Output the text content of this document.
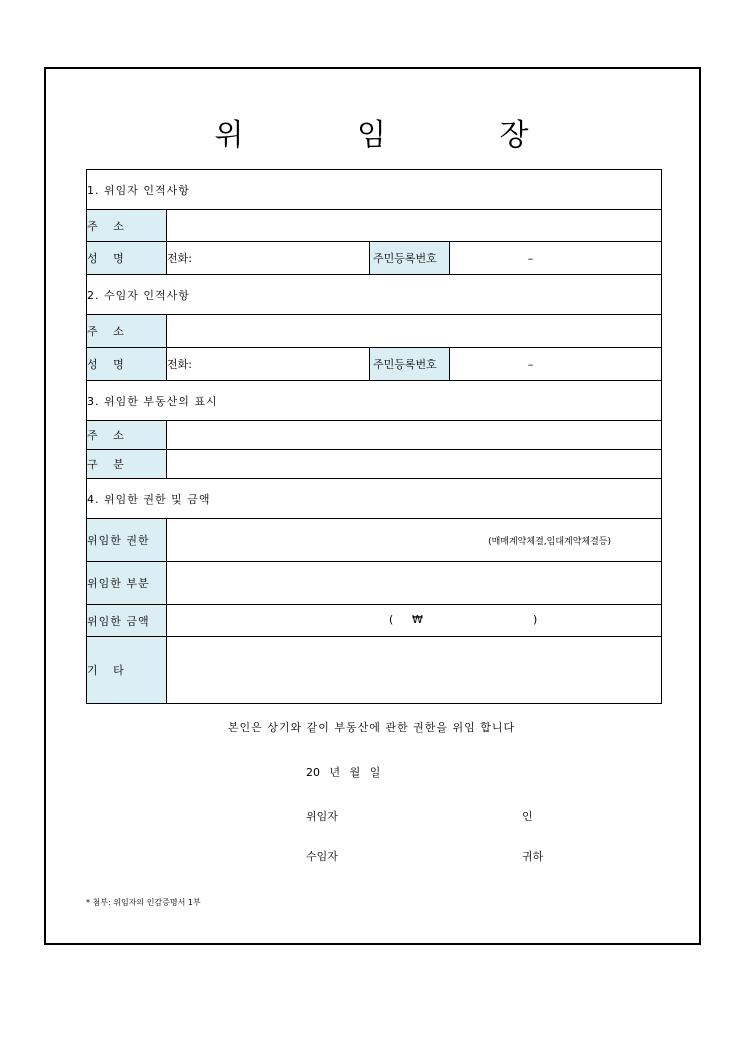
위 임 장
1. 위임자 인적사항			
주 소			
성 명	전화:	주민등록번호	–
2. 수임자 인적사항			
주 소			
성 명	전화:	주민등록번호	–
3. 위임한 부동산의 표시			
주 소			
구 분			
4. 위임한 권한 및 금액			
위임한 권한	(매매계약체결,임대계약체결등)		
위임한 부분			
위임한 금액	( ₩ )		

기 타			
본인은 상기와 같이 부동산에 관한 권한을 위임 합니다
20 년 월 일
위임자	인
수임자	귀하
* 첨부: 위임자의 인감증명서 1부
